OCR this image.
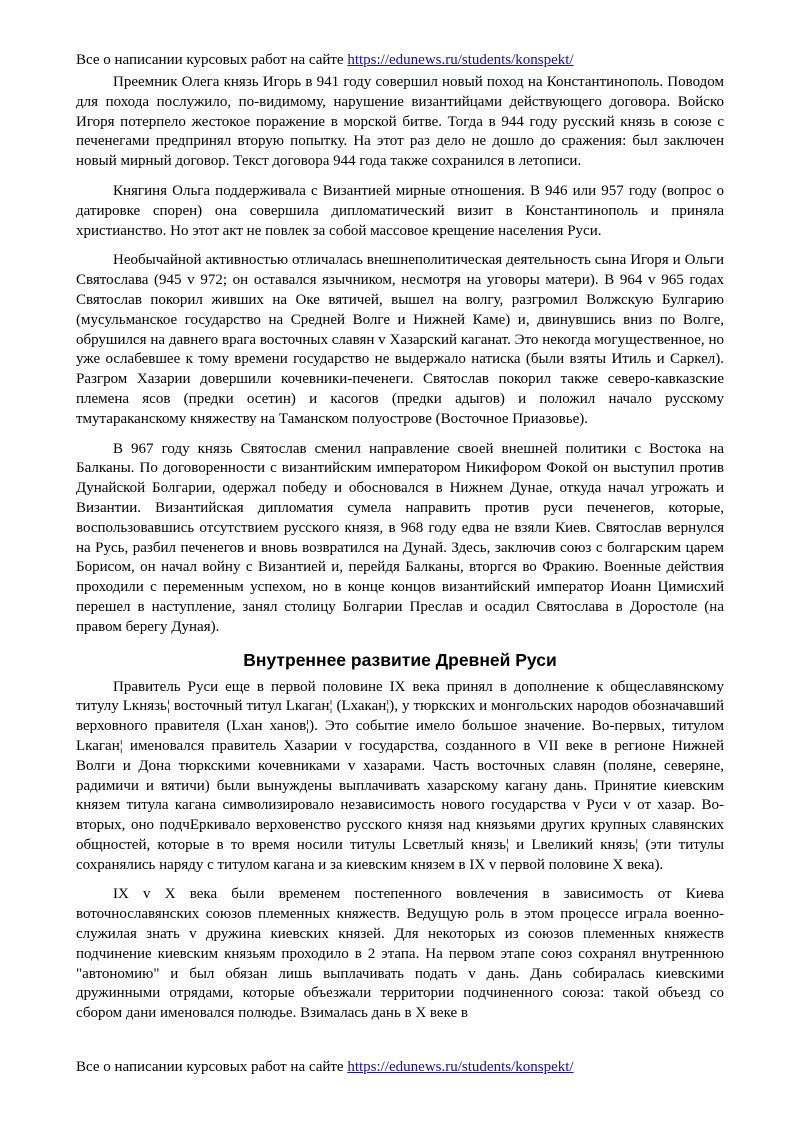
Все о написании курсовых работ на сайте https://edunews.ru/students/konspekt/

Преемник Олега князь Игорь в 941 году совершил новый поход на Константинополь. Поводом для похода послужило, по-видимому, нарушение византийцами действующего договора. Войско Игоря потерпело жестокое поражение в морской битве. Тогда в 944 году русский князь в союзе с печенегами предпринял вторую попытку. На этот раз дело не дошло до сражения: был заключен новый мирный договор. Текст договора 944 года также сохранился в летописи.

Княгиня Ольга поддерживала с Византией мирные отношения. В 946 или 957 году (вопрос о датировке спорен) она совершила дипломатический визит в Константинополь и приняла христианство. Но этот акт не повлек за собой массовое крещение населения Руси.

Необычайной активностью отличалась внешнеполитическая деятельность сына Игоря и Ольги Святослава (945 v 972; он оставался язычником, несмотря на уговоры матери). В 964 v 965 годах Святослав покорил живших на Оке вятичей, вышел на волгу, разгромил Волжскую Булгарию (мусульманское государство на Средней Волге и Нижней Каме) и, двинувшись вниз по Волге, обрушился на давнего врага восточных славян v Хазарский каганат. Это некогда могущественное, но уже ослабевшее к тому времени государство не выдержало натиска (были взяты Итиль и Саркел). Разгром Хазарии довершили кочевники-печенеги. Святослав покорил также северо-кавказские племена ясов (предки осетин) и касогов (предки адыгов) и положил начало русскому тмутараканскому княжеству на Таманском полуострове (Восточное Приазовье).

В 967 году князь Святослав сменил направление своей внешней политики с Востока на Балканы. По договоренности с византийским императором Никифором Фокой он выступил против Дунайской Болгарии, одержал победу и обосновался в Нижнем Дунае, откуда начал угрожать и Византии. Византийская дипломатия сумела направить против руси печенегов, которые, воспользовавшись отсутствием русского князя, в 968 году едва не взяли Киев. Святослав вернулся на Русь, разбил печенегов и вновь возвратился на Дунай. Здесь, заключив союз с болгарским царем Борисом, он начал войну с Византией и, перейдя Балканы, вторгся во Фракию. Военные действия проходили с переменным успехом, но в конце концов византийский император Иоанн Цимисхий перешел в наступление, занял столицу Болгарии Преслав и осадил Святослава в Доростоле (на правом берегу Дуная).

Внутреннее развитие Древней Руси

Правитель Руси еще в первой половине IX века принял в дополнение к общеславянскому титулу Lкнязь¦ восточный титул Lкаган¦ (Lхакан¦), у тюркских и монгольских народов обозначавший верховного правителя (Lхан ханов¦). Это событие имело большое значение. Во-первых, титулом Lкаган¦ именовался правитель Хазарии v государства, созданного в VII веке в регионе Нижней Волги и Дона тюркскими кочевниками v хазарами. Часть восточных славян (поляне, северяне, радимичи и вятичи) были вынуждены выплачивать хазарскому кагану дань. Принятие киевским князем титула кагана символизировало независимость нового государства v Руси v от хазар. Во-вторых, оно подчЕркивало верховенство русского князя над князьями других крупных славянских общностей, которые в то время носили титулы Lсветлый князь¦ и Lвеликий князь¦ (эти титулы сохранялись наряду с титулом кагана и за киевским князем в IX v первой половине X века).

IX v X века были временем постепенного вовлечения в зависимость от Киева воточнославянских союзов племенных княжеств. Ведущую роль в этом процессе играла военно-служилая знать v дружина киевских князей. Для некоторых из союзов племенных княжеств подчинение киевским князьям проходило в 2 этапа. На первом этапе союз сохранял внутреннюю "автономию" и был обязан лишь выплачивать подать v дань. Дань собиралась киевскими дружинными отрядами, которые объезжали территории подчиненного союза: такой объезд со сбором дани именовался полюдье. Взималась дань в X веке в

Все о написании курсовых работ на сайте https://edunews.ru/students/konspekt/
